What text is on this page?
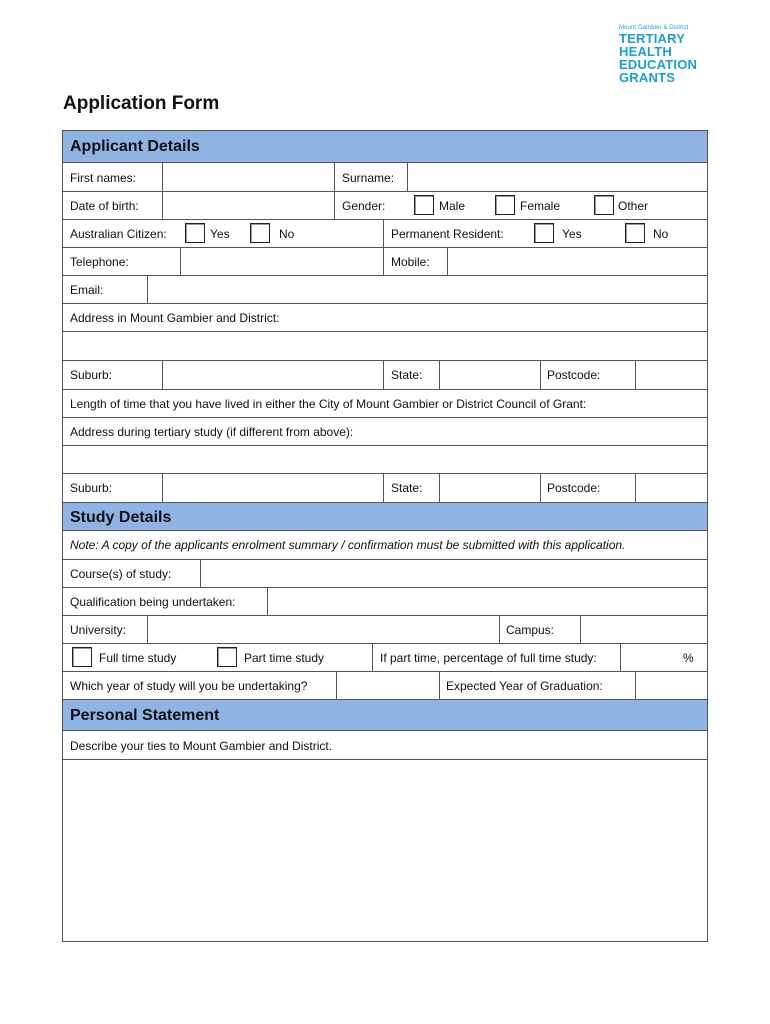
Mount Gambier & District
TERTIARY
HEALTH
EDUCATION
GRANTS
Application Form
Applicant Details
First names:	Surname:
Date of birth:	Gender:	Male	Female	Other
Australian Citizen:	Yes	No	Permanent Resident:	Yes	No
Telephone:	Mobile:
Email:
Address in Mount Gambier and District:
Suburb:	State:	Postcode:
Length of time that you have lived in either the City of Mount Gambier or District Council of Grant:
Address during tertiary study (if different from above):
Suburb:	State:	Postcode:
Study Details
Note: A copy of the applicants enrolment summary / confirmation must be submitted with this application.
Course(s) of study:
Qualification being undertaken:
University:	Campus:
Full time study	Part time study	If part time, percentage of full time study:	%
Which year of study will you be undertaking?	Expected Year of Graduation:
Personal Statement
Describe your ties to Mount Gambier and District.
